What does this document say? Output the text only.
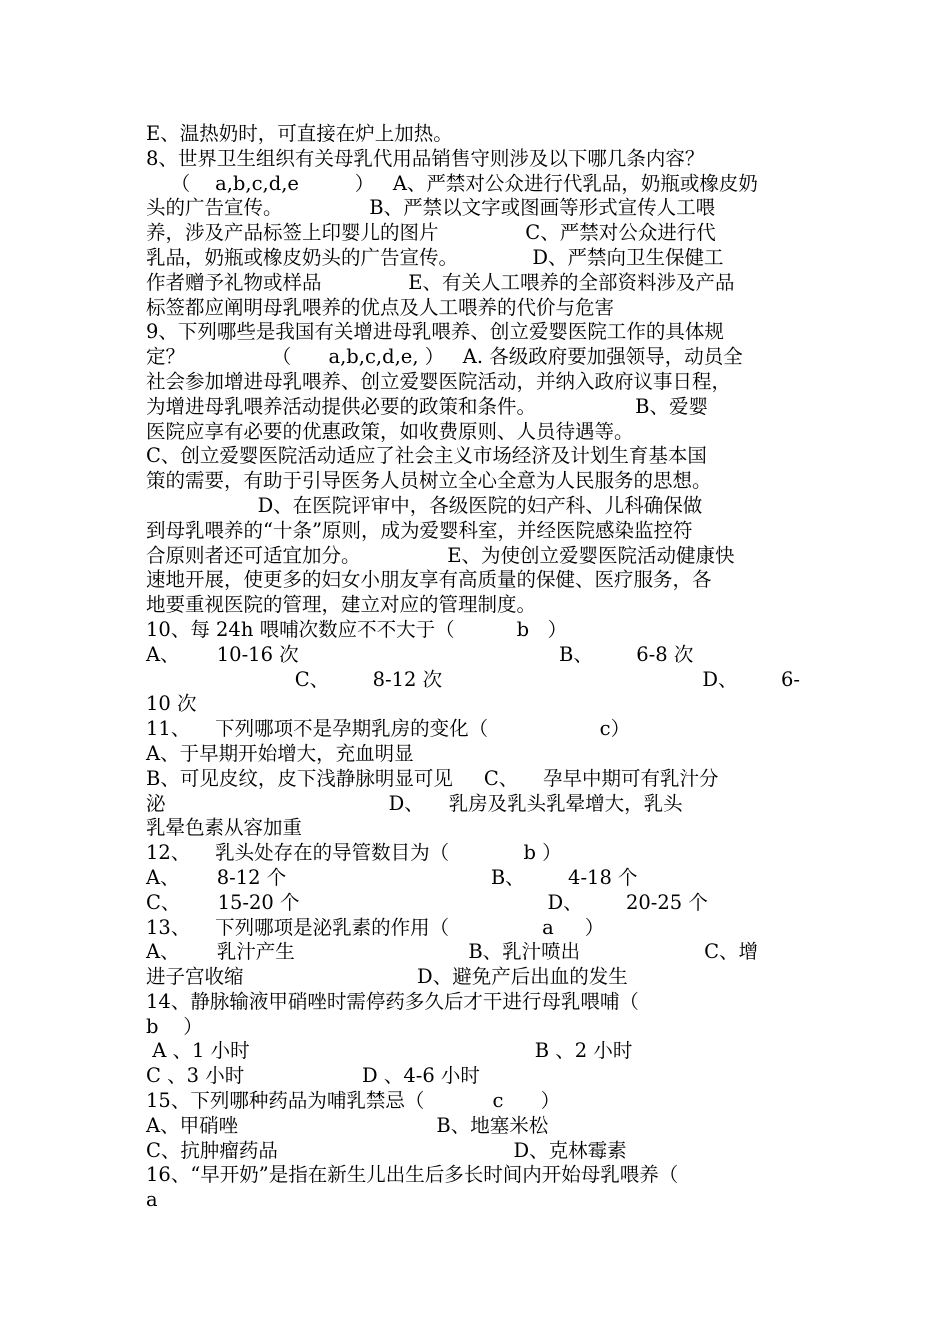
E、温热奶时，可直接在炉上加热。
8、世界卫生组织有关母乳代用品销售守则涉及以下哪几条内容？
（    a,b,c,d,e         ）   A、严禁对公众进行代乳品，奶瓶或橡皮奶
头的广告宣传。              B、严禁以文字或图画等形式宣传人工喂
养，涉及产品标签上印婴儿的图片              C、严禁对公众进行代
乳品，奶瓶或橡皮奶头的广告宣传。            D、严禁向卫生保健工
作者赠予礼物或样品              E、有关人工喂养的全部资料涉及产品
标签都应阐明母乳喂养的优点及人工喂养的代价与危害
9、下列哪些是我国有关增进母乳喂养、创立爱婴医院工作的具体规
定？              （      a,b,c,d,e, ）   A. 各级政府要加强领导，动员全
社会参加增进母乳喂养、创立爱婴医院活动，并纳入政府议事日程，
为增进母乳喂养活动提供必要的政策和条件。                B、爱婴
医院应享有必要的优惠政策，如收费原则、人员待遇等。
C、创立爱婴医院活动适应了社会主义市场经济及计划生育基本国
策的需要，有助于引导医务人员树立全心全意为人民服务的思想。
D、在医院评审中，各级医院的妇产科、儿科确保做
到母乳喂养的“十条”原则，成为爱婴科室，并经医院感染监控符
合原则者还可适宜加分。              E、为使创立爱婴医院活动健康快
速地开展，使更多的妇女小朋友享有高质量的保健、医疗服务，各
地要重视医院的管理，建立对应的管理制度。
10、每 24h 喂哺次数应不不大于（          b   ）
A、      10-16 次                                          B、       6-8 次
C、       8-12 次                                          D、       6-
10 次
11、    下列哪项不是孕期乳房的变化（                  c）
A、于早期开始增大，充血明显
B、可见皮纹，皮下浅静脉明显可见     C、    孕早中期可有乳汁分
泌                                    D、    乳房及乳头乳晕增大，乳头
乳晕色素从容加重
12、    乳头处存在的导管数目为（            b ）
A、      8-12 个                                 B、       4-18 个
C、      15-20 个                                        D、       20-25 个
13、    下列哪项是泌乳素的作用（               a     ）
A、      乳汁产生                            B、乳汁喷出                    C、增
进子宫收缩                            D、避免产后出血的发生
14、静脉输液甲硝唑时需停药多久后才干进行母乳喂哺（
b    ）
A 、1 小时                                              B 、2 小时
C 、3 小时                   D 、4-6 小时
15、下列哪种药品为哺乳禁忌（           c      ）
A、甲硝唑                                B、地塞米松
C、抗肿瘤药品                                      D、克林霉素
16、“早开奶”是指在新生儿出生后多长时间内开始母乳喂养（
a
